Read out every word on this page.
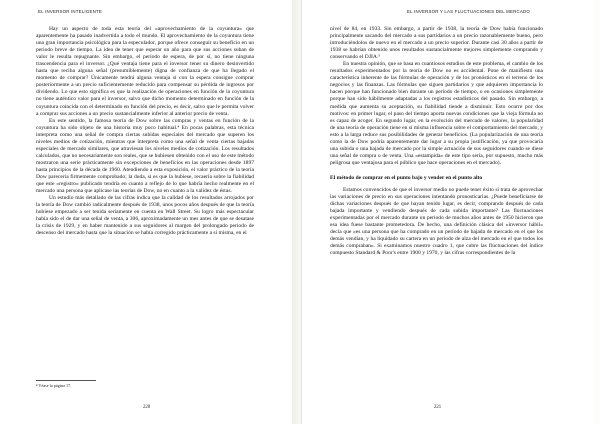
EL INVERSOR INTELIGENTE

Hay un aspecto de toda esta teoría del «aprovechamiento de la coyuntura» que aparentemente ha pasado inadvertida a todo el mundo. El aprovechamiento de la coyuntura tiene una gran importancia psicológica para la especulador, porque ofrece conseguir su beneficio en un periodo breve de tiempo. La idea de tener que esperar un año para que sus acciones suban de valor le resulta repugnante. Sin embargo, el período de espera, de por sí, no tiene ninguna trascendencia para el inversor. ¿Qué ventaja tiene para el inversor tener su dinero desinvertido hasta que reciba alguna señal (presumiblemente) digna de confianza de que ha llegado el momento de comprar? Únicamente tendrá alguna ventaja si con la espera consigue comprar posteriormente a un precio suficientemente reducido para compensar su pérdida de ingresos por dividendo. Lo que esto significa es que la realización de operaciones en función de la coyuntura no tiene auténtico valor para el inversor, salvo que dicho momento determinado en función de la coyuntura coincida con el determinado en función del precio, es decir, salvo que le permita volver a comprar sus acciones a un precio sustancialmente inferior al anterior precio de venta.

En este sentido, la famosa teoría de Dow sobre las compras y ventas en función de la coyuntura ha sido objeto de una historia muy poco habitual.⁴ En pocas palabras, esta técnica interpreta como una señal de compra ciertas subidas especiales del mercado que superen los niveles medios de cotización, mientras que interpreta como una señal de venta ciertas bajadas especiales de mercado similares, que atraviesan los niveles medios de cotización. Los resultados calculados, que no necesariamente son reales, que se hubiesen obtenido con el uso de este método mostraron una serie prácticamente sin excepciones de beneficios en las operaciones desde 1897 hasta principios de la década de 1960. Atendiendo a esta exposición, el valor práctico de la teoría Dow parecería firmemente comprobado; la duda, si es que la hubiese, recaería sobre la fiabilidad que este «registro» publicado tendría en cuanto a reflejo de lo que habría hecho realmente en el mercado una persona que aplicase las teorías de Dow, no en cuanto a la validez de éstas.

Un estudio más detallado de las cifras indica que la calidad de los resultados arrojados por la teoría de Dow cambió radicalmente después de 1938, unos pocos años después de que la teoría hubiese empezado a ser tenida seriamente en cuenta en Wall Street. Su logro más espectacular había sido el de dar una señal de venta, a 306, aproximadamente un mes antes de que se desatase la crisis de 1929, y en haber mantenido a sus seguidores al margen del prolongado periodo de descenso del mercado hasta que la situación se había corregido prácticamente a sí misma, en el

⁴ Véase la página 17.
220
EL INVERSOR Y LAS FLUCTUACIONES DEL MERCADO

nivel de 84, en 1933. Sin embargo, a partir de 1938, la teoría de Dow había funcionado principalmente sacando del mercado a sus partidarios a un precio razonablemente bueno, pero introduciéndolos de nuevo en el mercado a un precio superior. Durante casi 30 años a partir de 1938 se habrían obtenido unos resultados sustancialmente mejores simplemente comprando y conservando el DJIA.⁵

En nuestra opinión, que se basa en cuantiosos estudios de este problema, el cambio de los resultados experimentados por la teoría de Dow no es accidental. Pone de manifiesto una característica inherente de las fórmulas de operación y de los pronósticos en el terreno de los negocios y las finanzas. Las fórmulas que siguen partidarios y que adquieren importancia lo hacen porque han funcionado bien durante un período de tiempo, o en ocasiones simplemente porque han sido hábilmente adaptadas a los registros estadísticos del pasado. Sin embargo, a medida que aumenta su aceptación, su fiabilidad tiende a disminuir. Esto ocurre por dos motivos: en primer lugar, el paso del tiempo aporta nuevas condiciones que la vieja fórmula no es capaz de acoger. En segundo lugar, en la evolución del mercado de valores, la popularidad de una teoría de operación tiene en sí misma influencia sobre el comportamiento del mercado, y esto a la larga reduce sus posibilidades de generar beneficios. (La popularización de una teoría como la de Dow podría aparentemente dar lugar a su propia justificación, ya que provocaría una subida o una bajada de mercado por la simple actuación de sus seguidores cuando se diese una señal de compra o de venta. Una «estampida» de este tipo sería, por supuesto, mucho más peligrosa que ventajosa para el público que hace operaciones en el mercado).

El método de comprar en el punto bajo y vender en el punto alto

Estamos convencidos de que el inversor medio no puede tener éxito si trata de aprovechar las variaciones de precio en sus operaciones intentando pronosticarlas. ¿Puede beneficiarse de dichas variaciones después de que hayan tenido lugar, es decir, comprando después de cada bajada importante y vendiendo después de cada subida importante? Las fluctuaciones experimentadas por el mercado durante un periodo de muchos años antes de 1950 hicieron que esa idea fuese bastante prometedora. De hecho, una definición clásica del «inversor hábil» decía que «es una persona que ha comprado en un período de bajada de mercado en el que los demás vendían, y ha liquidado su cartera en un periodo de alza del mercado en el que todos los demás compraban». Si examinamos nuestro cuadro 1, que cubre las fluctuaciones del índice compuesto Standard & Poor's entre 1900 y 1970, y las cifras correspondientes de la

221
